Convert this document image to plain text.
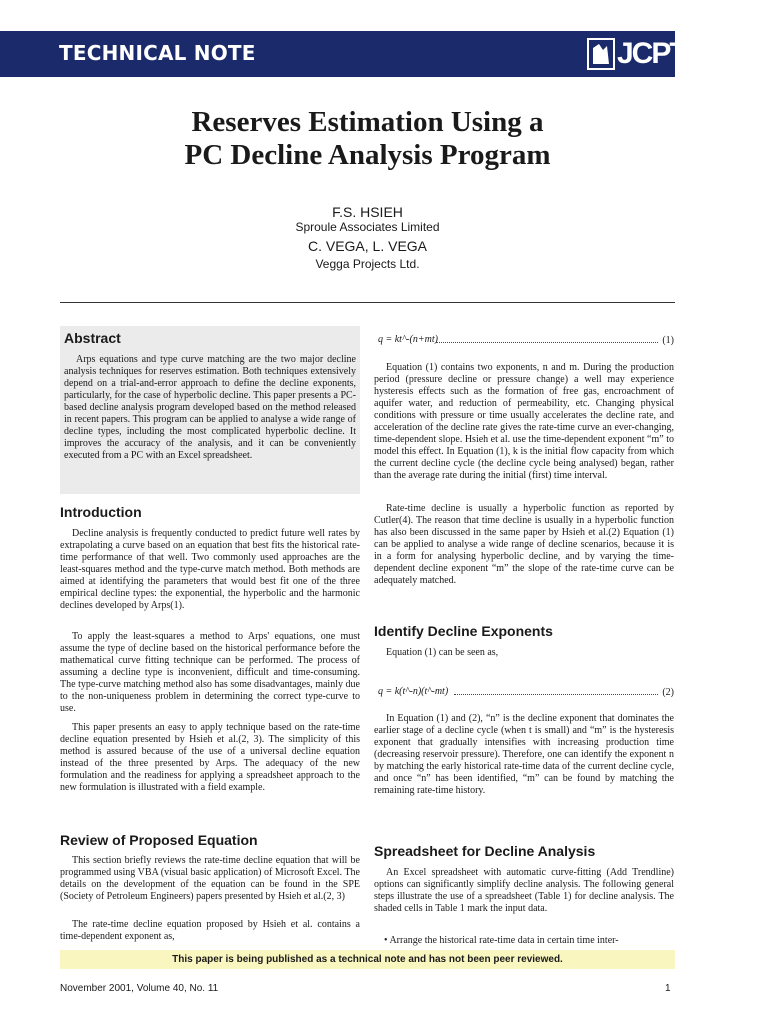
TECHNICAL NOTE	JCPT
Reserves Estimation Using a
PC Decline Analysis Program
F.S. HSIEH
Sproule Associates Limited
C. VEGA, L. VEGA
Vegga Projects Ltd.
Abstract

Arps equations and type curve matching are the two major decline analysis techniques for reserves estimation. Both techniques extensively depend on a trial-and-error approach to define the decline exponents, particularly, for the case of hyperbolic decline. This paper presents a PC-based decline analysis program developed based on the method released in recent papers. This program can be applied to analyse a wide range of decline types, including the most complicated hyperbolic decline. It improves the accuracy of the analysis, and it can be conveniently executed from a PC with an Excel spreadsheet.

Introduction

Decline analysis is frequently conducted to predict future well rates by extrapolating a curve based on an equation that best fits the historical rate-time performance of that well. Two commonly used approaches are the least-squares method and the type-curve match method. Both methods are aimed at identifying the parameters that would best fit one of the three empirical decline types: the exponential, the hyperbolic and the harmonic declines developed by Arps(1).

To apply the least-squares a method to Arps' equations, one must assume the type of decline based on the historical performance before the mathematical curve fitting technique can be performed. The process of assuming a decline type is inconvenient, difficult and time-consuming. The type-curve matching method also has some disadvantages, mainly due to the non-uniqueness problem in determining the correct type-curve to use.

This paper presents an easy to apply technique based on the rate-time decline equation presented by Hsieh et al.(2, 3). The simplicity of this method is assured because of the use of a universal decline equation instead of the three presented by Arps. The adequacy of the new formulation and the readiness for applying a spreadsheet approach to the new formulation is illustrated with a field example.

Review of Proposed Equation

This section briefly reviews the rate-time decline equation that will be programmed using VBA (visual basic application) of Microsoft Excel. The details on the development of the equation can be found in the SPE (Society of Petroleum Engineers) papers presented by Hsieh et al.(2, 3)

The rate-time decline equation proposed by Hsieh et al. contains a time-dependent exponent as,

q = kt^-(n+mt)	(1)

Equation (1) contains two exponents, n and m. During the production period (pressure decline or pressure change) a well may experience hysteresis effects such as the formation of free gas, encroachment of aquifer water, and reduction of permeability, etc. Changing physical conditions with pressure or time usually accelerates the decline rate, and acceleration of the decline rate gives the rate-time curve an ever-changing, time-dependent slope. Hsieh et al. use the time-dependent exponent “m” to model this effect. In Equation (1), k is the initial flow capacity from which the current decline cycle (the decline cycle being analysed) began, rather than the average rate during the initial (first) time interval.

Rate-time decline is usually a hyperbolic function as reported by Cutler(4). The reason that time decline is usually in a hyperbolic function has also been discussed in the same paper by Hsieh et al.(2) Equation (1) can be applied to analyse a wide range of decline scenarios, because it is in a form for analysing hyperbolic decline, and by varying the time-dependent decline exponent “m” the slope of the rate-time curve can be adequately matched.

Identify Decline Exponents

Equation (1) can be seen as,

q = k(t^-n)(t^-mt)	(2)

In Equation (1) and (2), “n” is the decline exponent that dominates the earlier stage of a decline cycle (when t is small) and “m” is the hysteresis exponent that gradually intensifies with increasing production time (decreasing reservoir pressure). Therefore, one can identify the exponent n by matching the early historical rate-time data of the current decline cycle, and once “n” has been identified, “m” can be found by matching the remaining rate-time history.

Spreadsheet for Decline Analysis

An Excel spreadsheet with automatic curve-fitting (Add Trendline) options can significantly simplify decline analysis. The following general steps illustrate the use of a spreadsheet (Table 1) for decline analysis. The shaded cells in Table 1 mark the input data.

• Arrange the historical rate-time data in certain time inter-
This paper is being published as a technical note and has not been peer reviewed.
November 2001, Volume 40, No. 11	1
